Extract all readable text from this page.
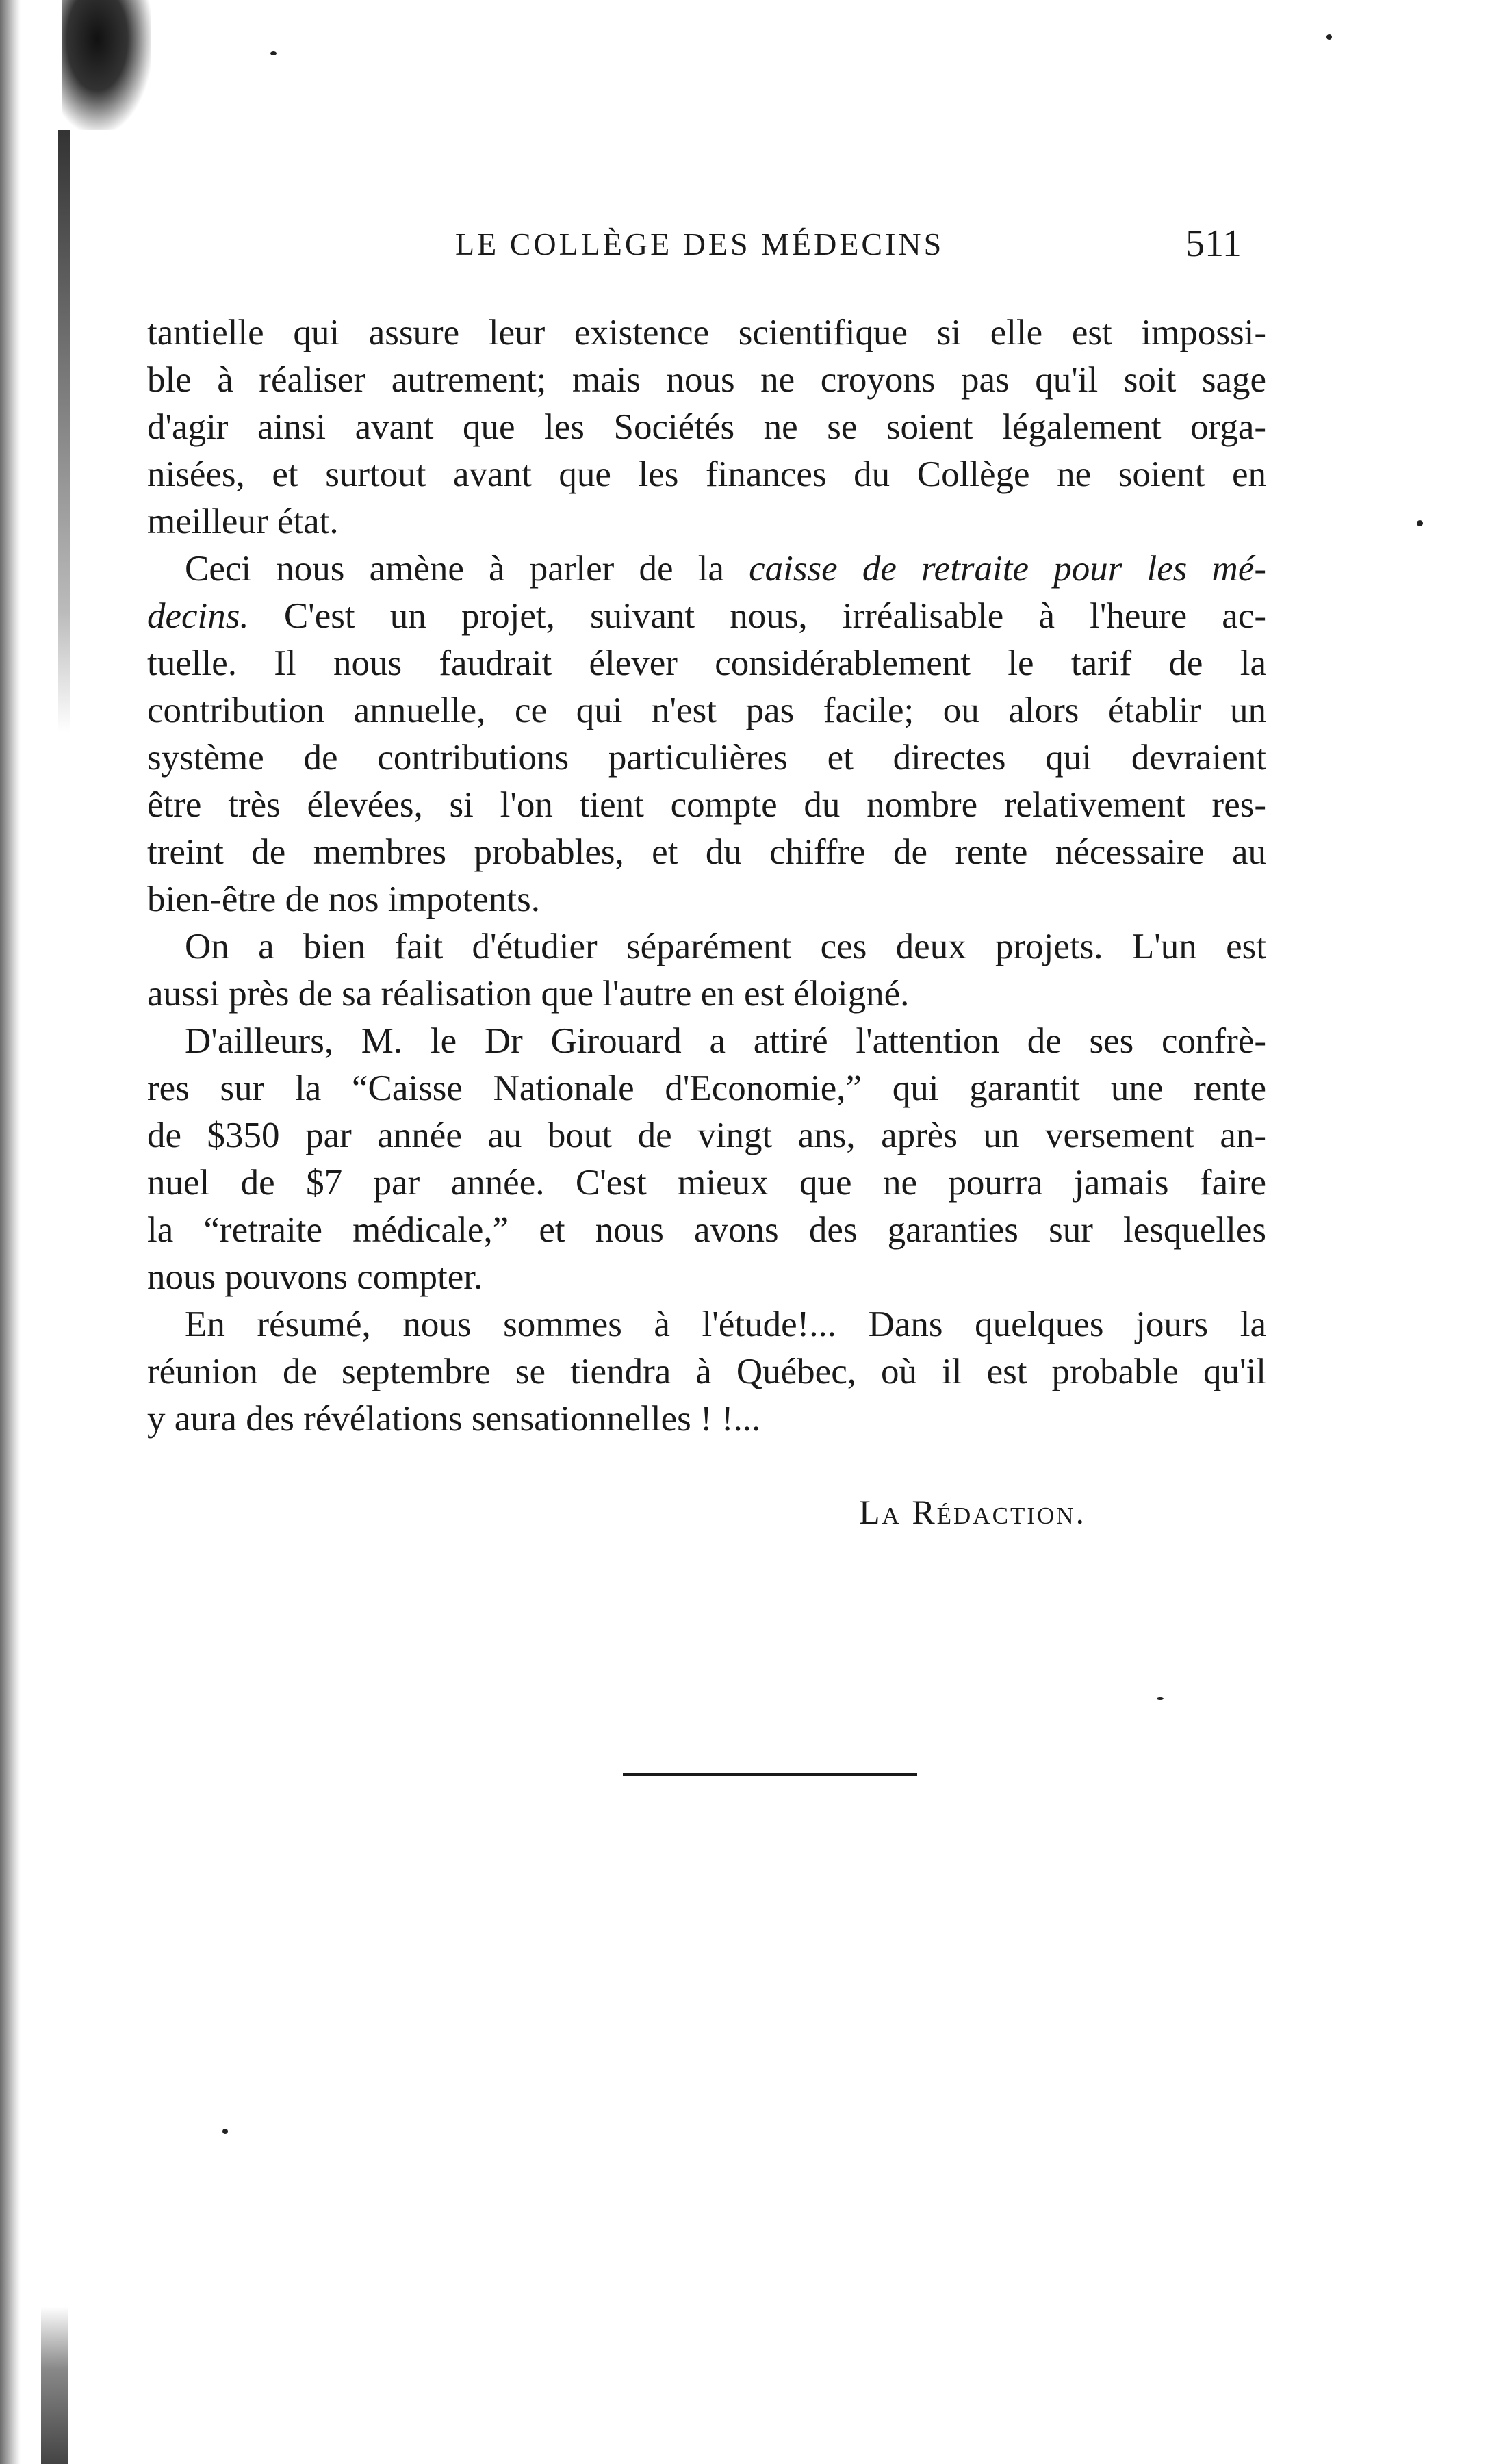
LE COLLÈGE DES MÉDECINS	511
tantielle qui assure leur existence scientifique si elle est impossi-
ble à réaliser autrement; mais nous ne croyons pas qu'il soit sage
d'agir ainsi avant que les Sociétés ne se soient légalement orga-
nisées, et surtout avant que les finances du Collège ne soient en
meilleur état.
Ceci nous amène à parler de la caisse de retraite pour les mé-
decins. C'est un projet, suivant nous, irréalisable à l'heure ac-
tuelle. Il nous faudrait élever considérablement le tarif de la
contribution annuelle, ce qui n'est pas facile; ou alors établir un
système de contributions particulières et directes qui devraient
être très élevées, si l'on tient compte du nombre relativement res-
treint de membres probables, et du chiffre de rente nécessaire au
bien-être de nos impotents.
On a bien fait d'étudier séparément ces deux projets. L'un est
aussi près de sa réalisation que l'autre en est éloigné.
D'ailleurs, M. le Dr Girouard a attiré l'attention de ses confrè-
res sur la “Caisse Nationale d'Economie,” qui garantit une rente
de $350 par année au bout de vingt ans, après un versement an-
nuel de $7 par année. C'est mieux que ne pourra jamais faire
la “retraite médicale,” et nous avons des garanties sur lesquelles
nous pouvons compter.
En résumé, nous sommes à l'étude!... Dans quelques jours la
réunion de septembre se tiendra à Québec, où il est probable qu'il
y aura des révélations sensationnelles ! !...
La Rédaction.
